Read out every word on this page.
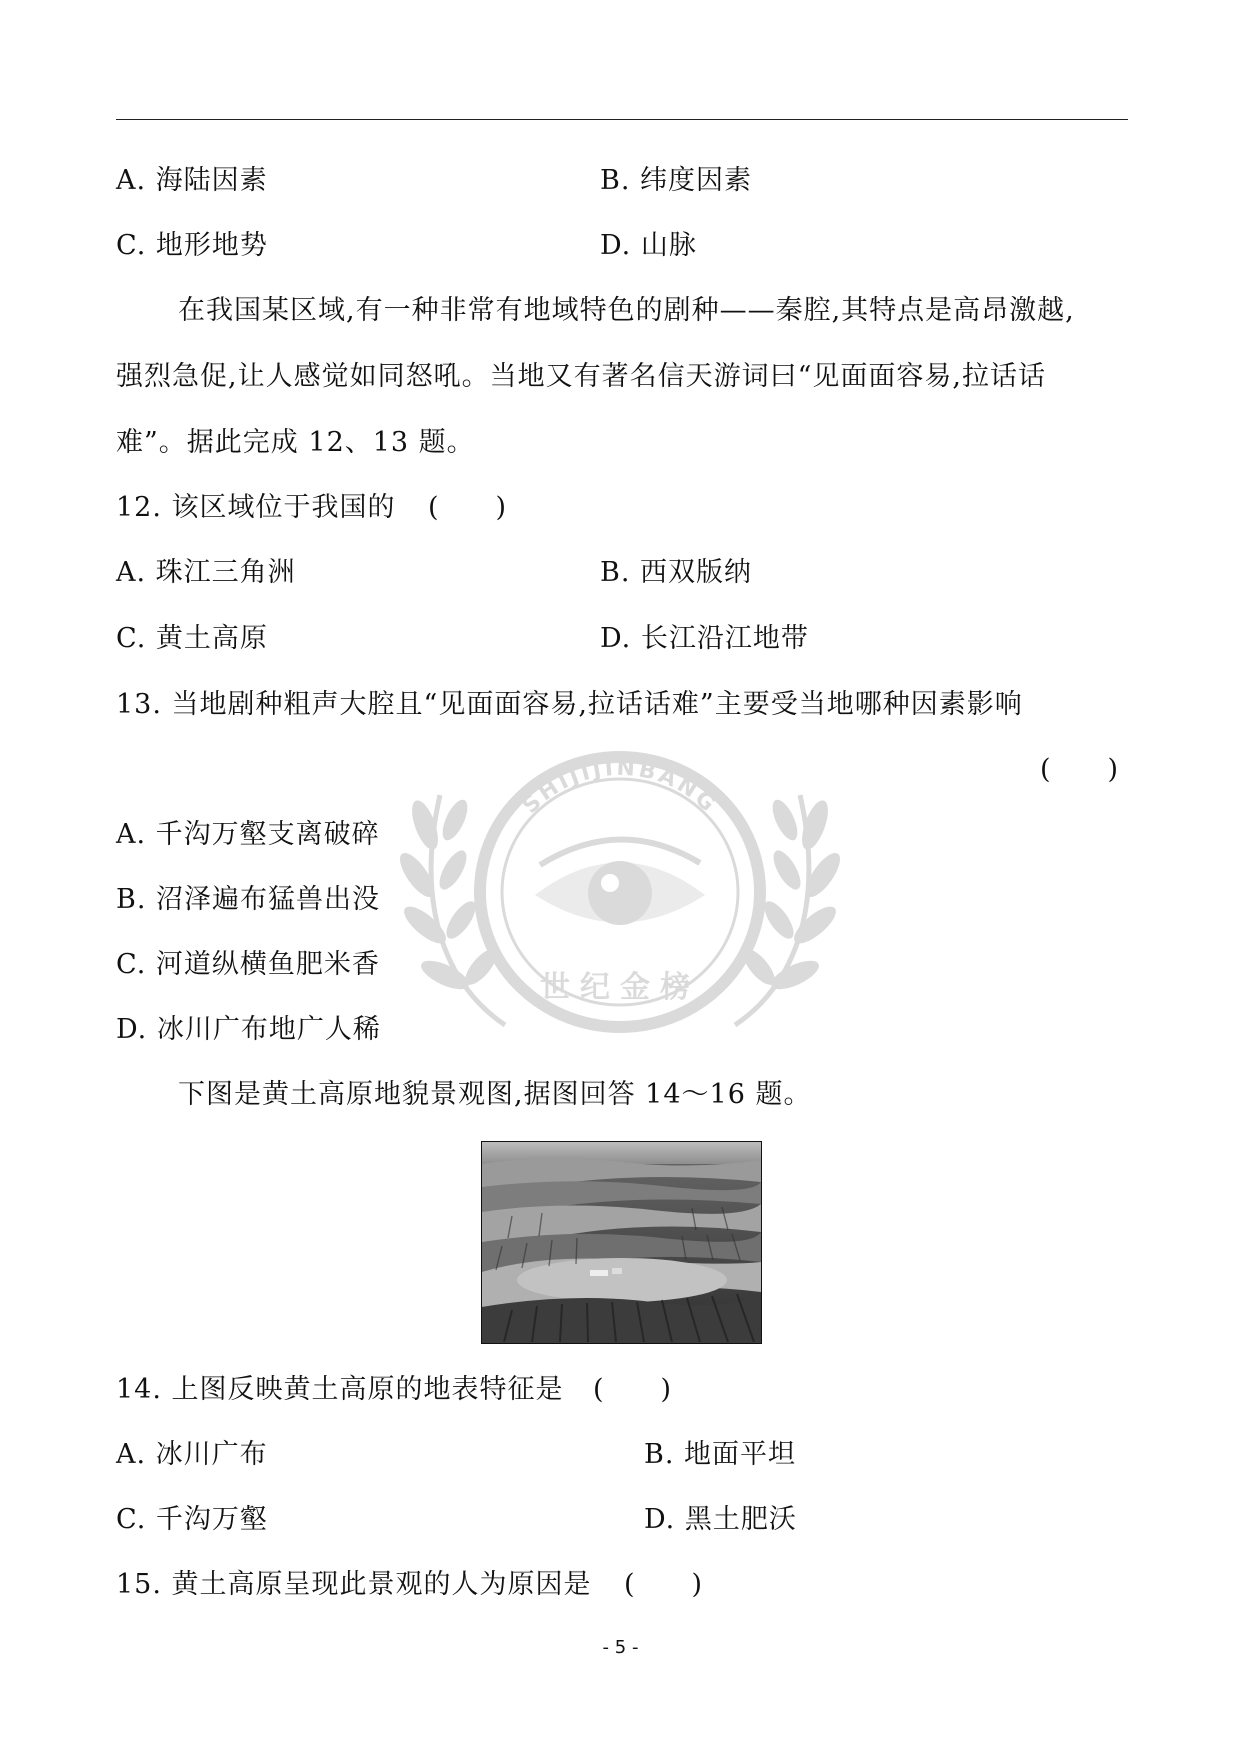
A. 海陆因素	B. 纬度因素
C. 地形地势	D. 山脉
在我国某区域,有一种非常有地域特色的剧种——秦腔,其特点是高昂激越,
强烈急促,让人感觉如同怒吼。当地又有著名信天游词曰“见面面容易,拉话话
难”。据此完成 12、13 题。
12. 该区域位于我国的 (　　)
A. 珠江三角洲	B. 西双版纳
C. 黄土高原	D. 长江沿江地带
SHIJIJINBANG
世纪金榜
13. 当地剧种粗声大腔且“见面面容易,拉话话难”主要受当地哪种因素影响
(　　)
A. 千沟万壑支离破碎
B. 沼泽遍布猛兽出没
C. 河道纵横鱼肥米香
D. 冰川广布地广人稀
下图是黄土高原地貌景观图,据图回答 14～16 题。
14. 上图反映黄土高原的地表特征是 (　　)
A. 冰川广布	B. 地面平坦
C. 千沟万壑	D. 黑土肥沃
15. 黄土高原呈现此景观的人为原因是 (　　)
- 5 -
